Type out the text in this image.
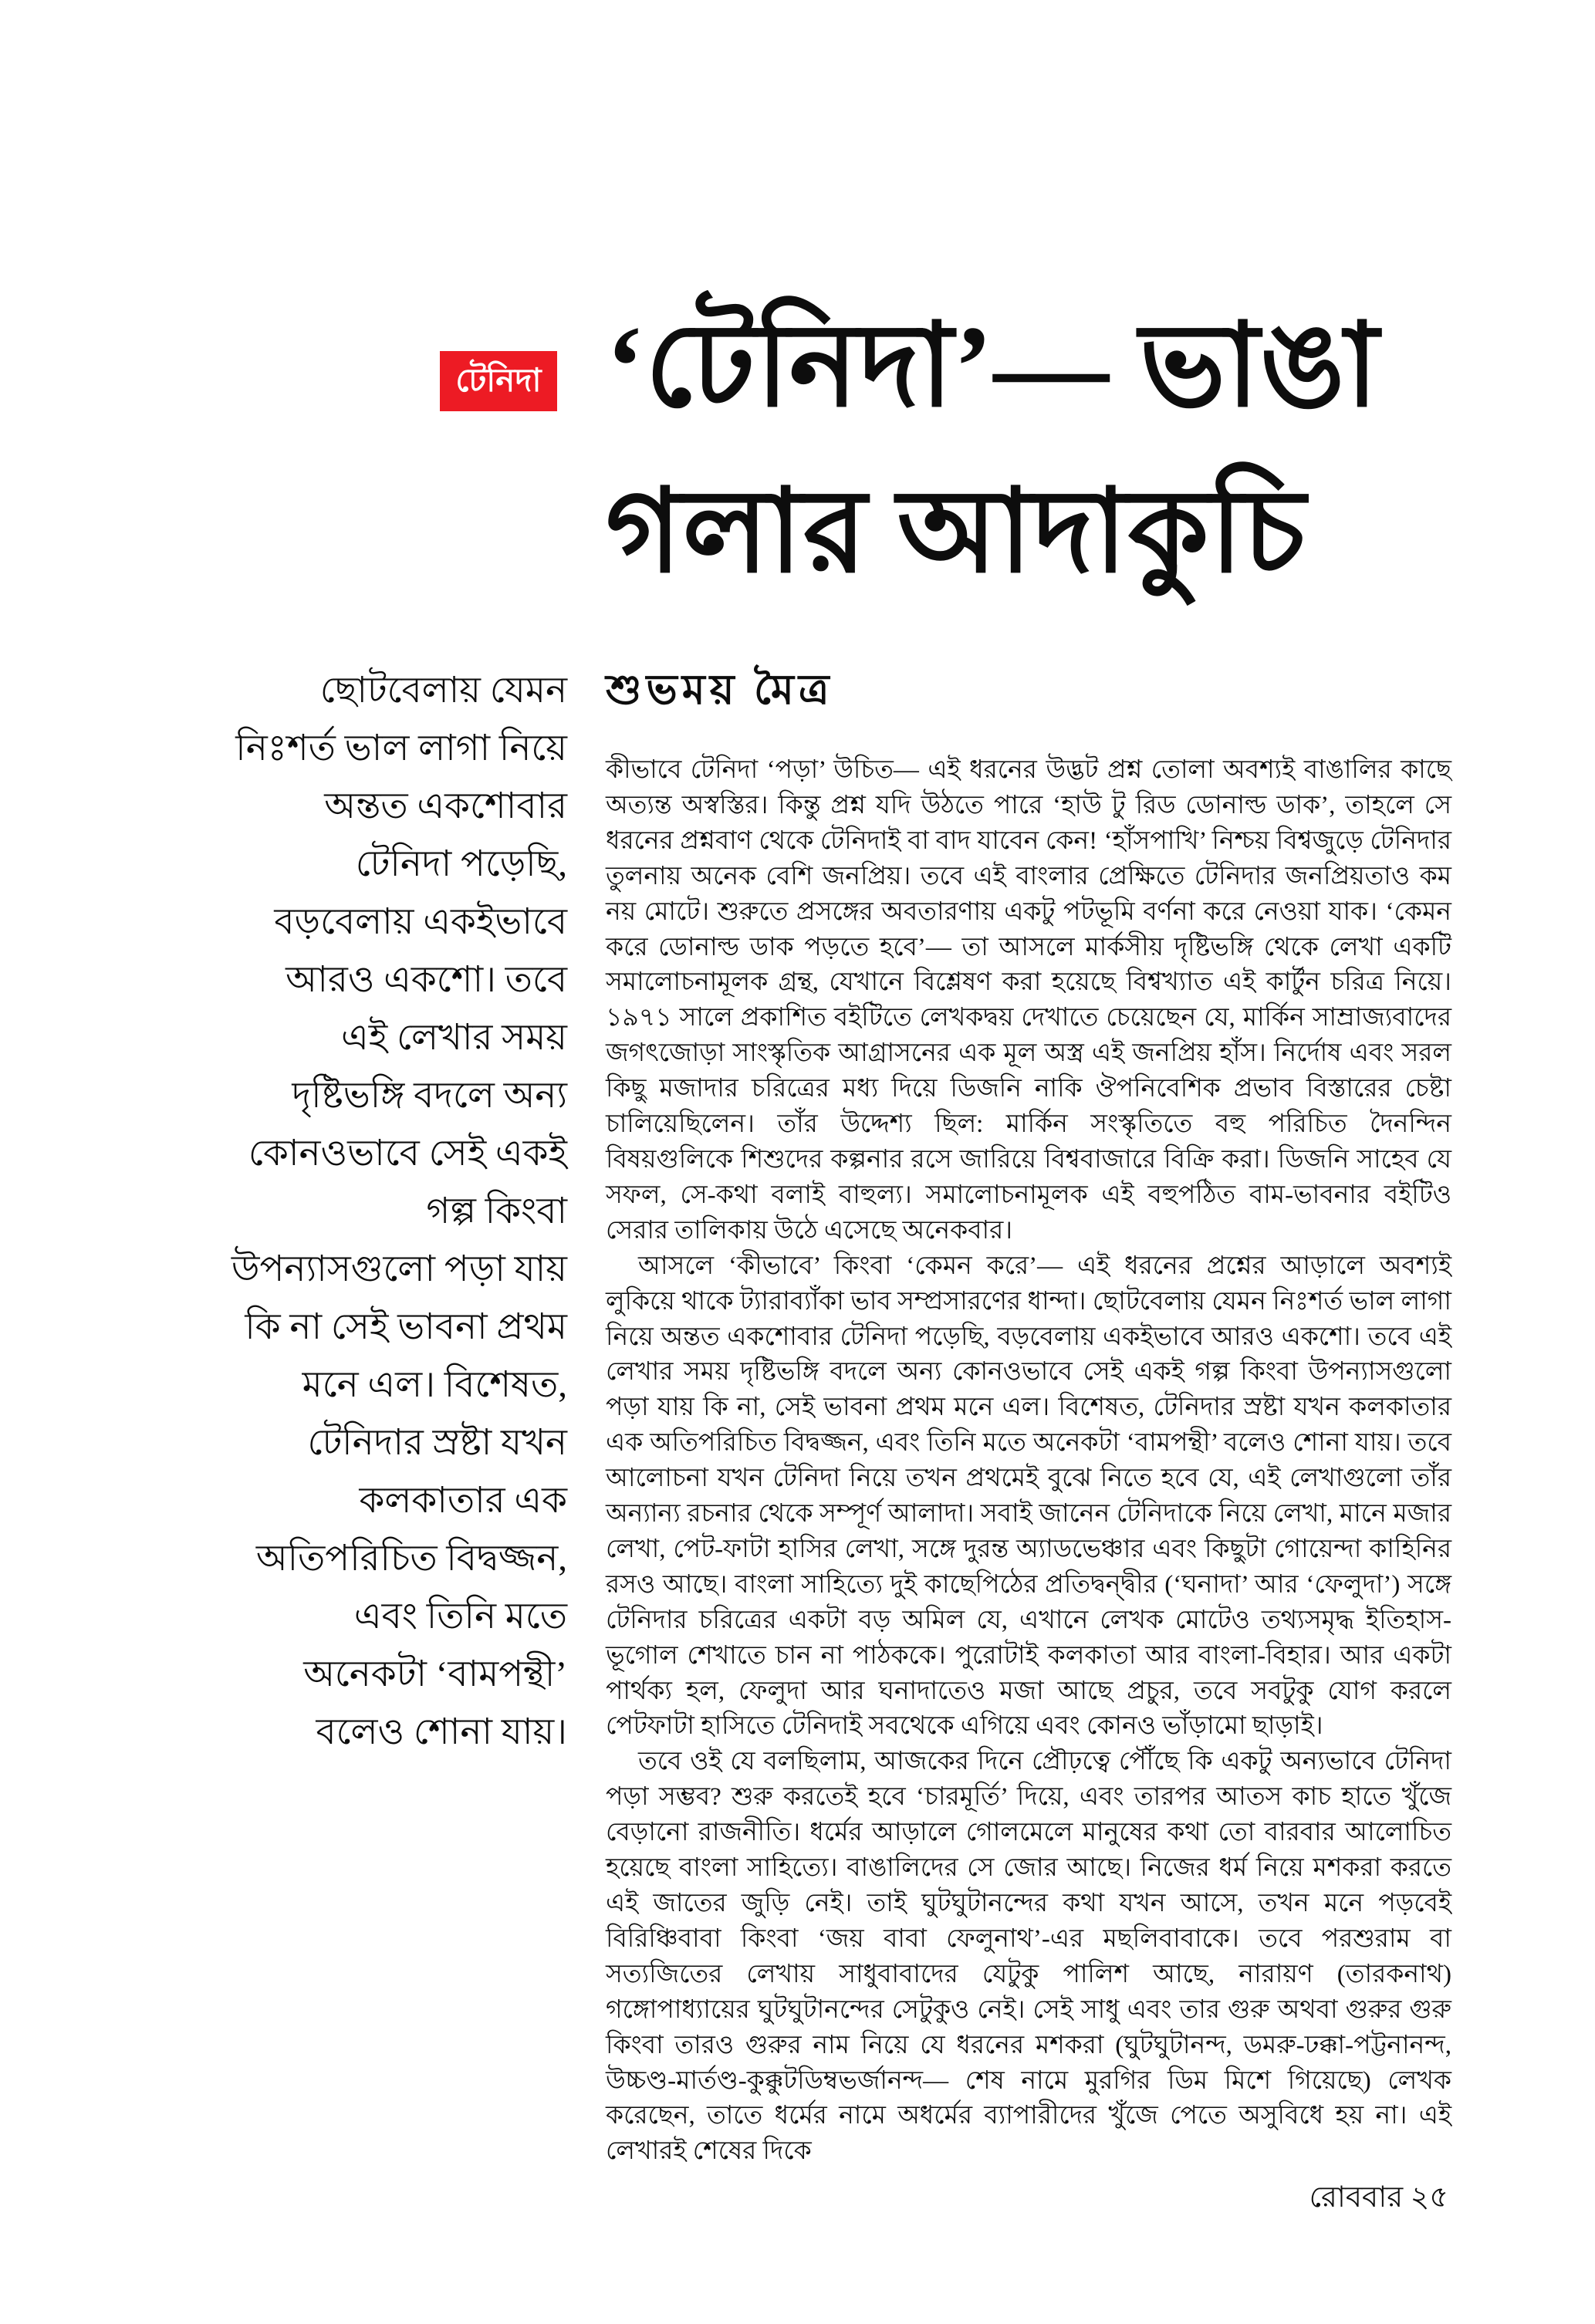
টেনিদা ‘টেনিদা’— ভাঙা
গলার আদাকুচি
শুভময় মৈত্র
ছোটবেলায় যেমন
নিঃশর্ত ভাল লাগা নিয়ে
অন্তত একশোবার
টেনিদা পড়েছি,
বড়বেলায় একইভাবে
আরও একশো। তবে
এই লেখার সময়
দৃষ্টিভঙ্গি বদলে অন্য
কোনওভাবে সেই একই
গল্প কিংবা
উপন্যাসগুলো পড়া যায়
কি না সেই ভাবনা প্রথম
মনে এল। বিশেষত,
টেনিদার স্রষ্টা যখন
কলকাতার এক
অতিপরিচিত বিদ্বজ্জন,
এবং তিনি মতে
অনেকটা ‘বামপন্থী’
বলেও শোনা যায়।

কীভাবে টেনিদা ‘পড়া’ উচিত— এই ধরনের উদ্ভট প্রশ্ন তোলা অবশ্যই বাঙালির কাছে অত্যন্ত অস্বস্তির। কিন্তু প্রশ্ন যদি উঠতে পারে ‘হাউ টু রিড ডোনাল্ড ডাক’, তাহলে সে ধরনের প্রশ্নবাণ থেকে টেনিদাই বা বাদ যাবেন কেন! ‘হাঁসপাখি’ নিশ্চয় বিশ্বজুড়ে টেনিদার তুলনায় অনেক বেশি জনপ্রিয়। তবে এই বাংলার প্রেক্ষিতে টেনিদার জনপ্রিয়তাও কম নয় মোটে। শুরুতে প্রসঙ্গের অবতারণায় একটু পটভূমি বর্ণনা করে নেওয়া যাক। ‘কেমন করে ডোনাল্ড ডাক পড়তে হবে’— তা আসলে মার্কসীয় দৃষ্টিভঙ্গি থেকে লেখা একটি সমালোচনামূলক গ্রন্থ, যেখানে বিশ্লেষণ করা হয়েছে বিশ্বখ্যাত এই কার্টুন চরিত্র নিয়ে। ১৯৭১ সালে প্রকাশিত বইটিতে লেখকদ্বয় দেখাতে চেয়েছেন যে, মার্কিন সাম্রাজ্যবাদের জগৎজোড়া সাংস্কৃতিক আগ্রাসনের এক মূল অস্ত্র এই জনপ্রিয় হাঁস। নির্দোষ এবং সরল কিছু মজাদার চরিত্রের মধ্য দিয়ে ডিজনি নাকি ঔপনিবেশিক প্রভাব বিস্তারের চেষ্টা চালিয়েছিলেন। তাঁর উদ্দেশ্য ছিল: মার্কিন সংস্কৃতিতে বহু পরিচিত দৈনন্দিন বিষয়গুলিকে শিশুদের কল্পনার রসে জারিয়ে বিশ্ববাজারে বিক্রি করা। ডিজনি সাহেব যে সফল, সে-কথা বলাই বাহুল্য। সমালোচনামূলক এই বহুপঠিত বাম-ভাবনার বইটিও সেরার তালিকায় উঠে এসেছে অনেকবার।

আসলে ‘কীভাবে’ কিংবা ‘কেমন করে’— এই ধরনের প্রশ্নের আড়ালে অবশ্যই লুকিয়ে থাকে ট্যারাব্যাঁকা ভাব সম্প্রসারণের ধান্দা। ছোটবেলায় যেমন নিঃশর্ত ভাল লাগা নিয়ে অন্তত একশোবার টেনিদা পড়েছি, বড়বেলায় একইভাবে আরও একশো। তবে এই লেখার সময় দৃষ্টিভঙ্গি বদলে অন্য কোনওভাবে সেই একই গল্প কিংবা উপন্যাসগুলো পড়া যায় কি না, সেই ভাবনা প্রথম মনে এল। বিশেষত, টেনিদার স্রষ্টা যখন কলকাতার এক অতিপরিচিত বিদ্বজ্জন, এবং তিনি মতে অনেকটা ‘বামপন্থী’ বলেও শোনা যায়। তবে আলোচনা যখন টেনিদা নিয়ে তখন প্রথমেই বুঝে নিতে হবে যে, এই লেখাগুলো তাঁর অন্যান্য রচনার থেকে সম্পূর্ণ আলাদা। সবাই জানেন টেনিদাকে নিয়ে লেখা, মানে মজার লেখা, পেট-ফাটা হাসির লেখা, সঙ্গে দুরন্ত অ্যাডভেঞ্চার এবং কিছুটা গোয়েন্দা কাহিনির রসও আছে। বাংলা সাহিত্যে দুই কাছেপিঠের প্রতিদ্বন্দ্বীর (‘ঘনাদা’ আর ‘ফেলুদা’) সঙ্গে টেনিদার চরিত্রের একটা বড় অমিল যে, এখানে লেখক মোটেও তথ্যসমৃদ্ধ ইতিহাস-ভূগোল শেখাতে চান না পাঠককে। পুরোটাই কলকাতা আর বাংলা-বিহার। আর একটা পার্থক্য হল, ফেলুদা আর ঘনাদাতেও মজা আছে প্রচুর, তবে সবটুকু যোগ করলে পেটফাটা হাসিতে টেনিদাই সবথেকে এগিয়ে এবং কোনও ভাঁড়ামো ছাড়াই।

তবে ওই যে বলছিলাম, আজকের দিনে প্রৌঢ়ত্বে পৌঁছে কি একটু অন্যভাবে টেনিদা পড়া সম্ভব? শুরু করতেই হবে ‘চারমূর্তি’ দিয়ে, এবং তারপর আতস কাচ হাতে খুঁজে বেড়ানো রাজনীতি। ধর্মের আড়ালে গোলমেলে মানুষের কথা তো বারবার আলোচিত হয়েছে বাংলা সাহিত্যে। বাঙালিদের সে জোর আছে। নিজের ধর্ম নিয়ে মশকরা করতে এই জাতের জুড়ি নেই। তাই ঘুটঘুটানন্দের কথা যখন আসে, তখন মনে পড়বেই বিরিঞ্চিবাবা কিংবা ‘জয় বাবা ফেলুনাথ’-এর মছলিবাবাকে। তবে পরশুরাম বা সত্যজিতের লেখায় সাধুবাবাদের যেটুকু পালিশ আছে, নারায়ণ (তারকনাথ) গঙ্গোপাধ্যায়ের ঘুটঘুটানন্দের সেটুকুও নেই। সেই সাধু এবং তার গুরু অথবা গুরুর গুরু কিংবা তারও গুরুর নাম নিয়ে যে ধরনের মশকরা (ঘুটঘুটানন্দ, ডমরু-ঢক্কা-পট্টনানন্দ, উচ্চণ্ড-মার্তণ্ড-কুক্কুটডিম্বভর্জানন্দ— শেষ নামে মুরগির ডিম মিশে গিয়েছে) লেখক করেছেন, তাতে ধর্মের নামে অধর্মের ব্যাপারীদের খুঁজে পেতে অসুবিধে হয় না। এই লেখারই শেষের দিকে

রোববার ২৫
